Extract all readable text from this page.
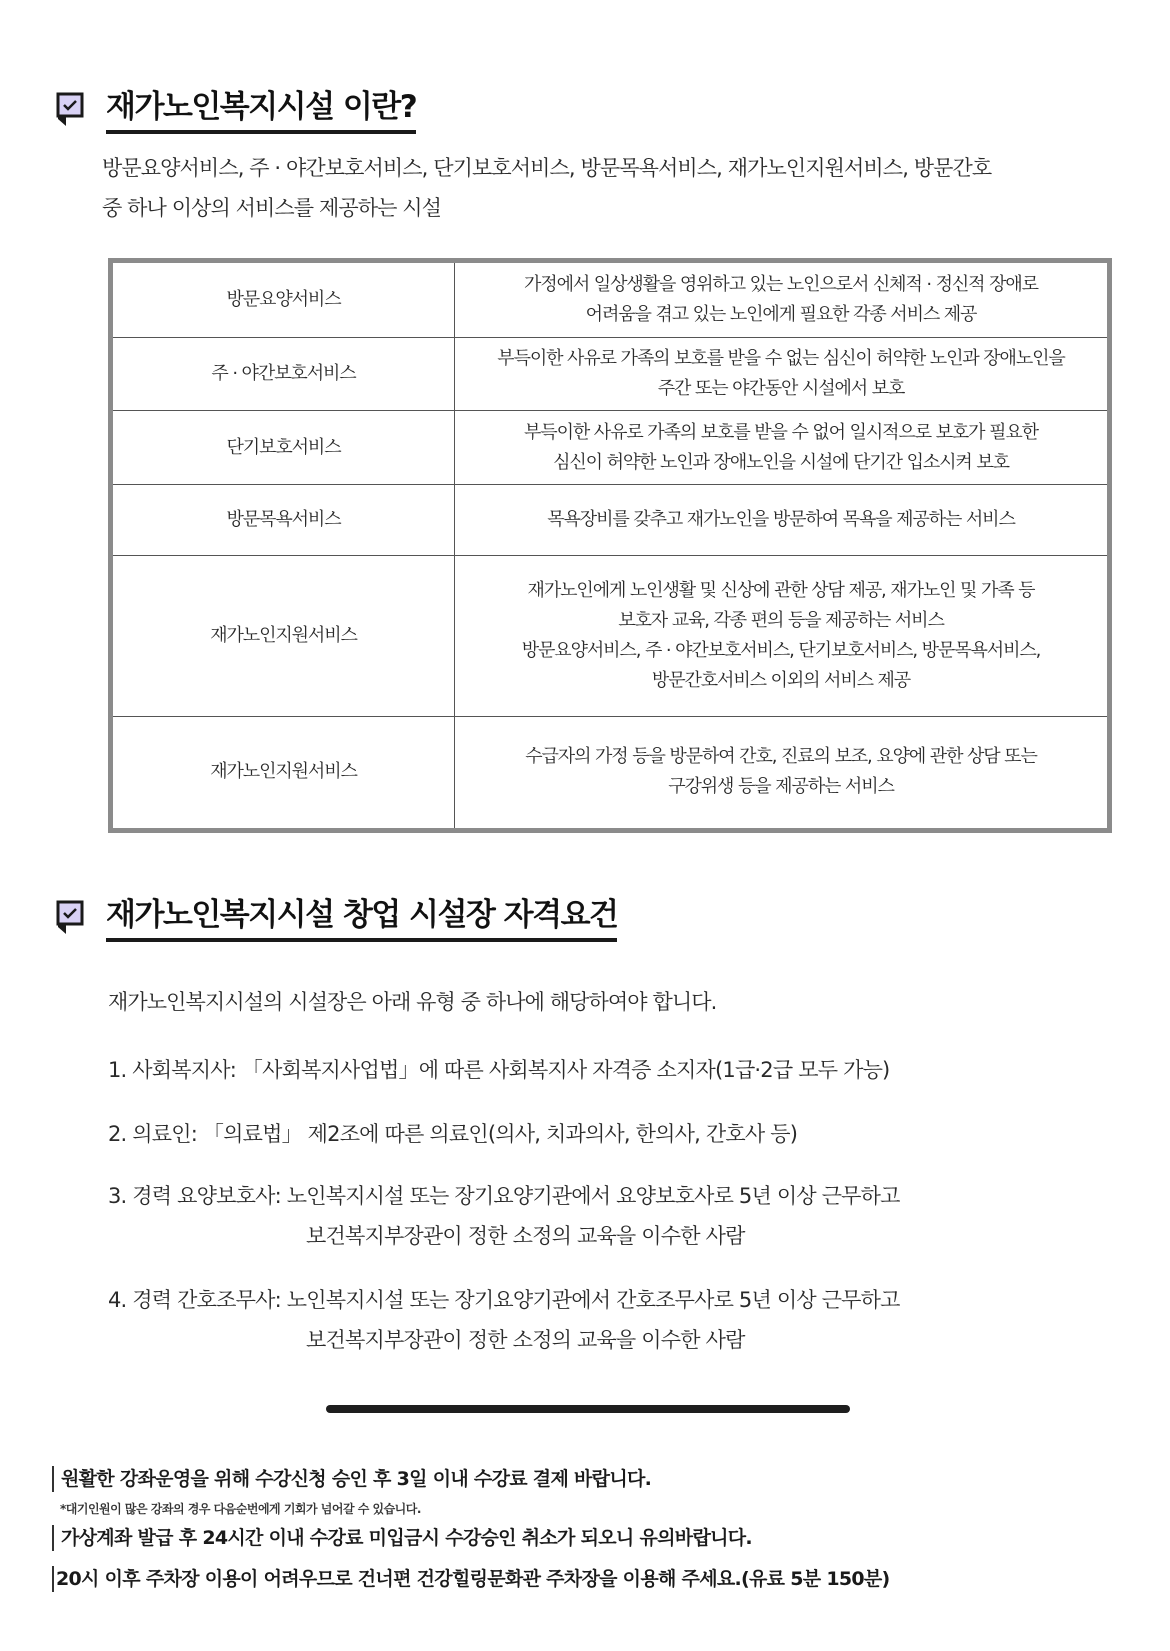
재가노인복지시설 이란?
방문요양서비스, 주 · 야간보호서비스, 단기보호서비스, 방문목욕서비스, 재가노인지원서비스, 방문간호
중 하나 이상의 서비스를 제공하는 시설
방문요양서비스	가정에서 일상생활을 영위하고 있는 노인으로서 신체적 · 정신적 장애로
어려움을 겪고 있는 노인에게 필요한 각종 서비스 제공

주 · 야간보호서비스	부득이한 사유로 가족의 보호를 받을 수 없는 심신이 허약한 노인과 장애노인을
주간 또는 야간동안 시설에서 보호

단기보호서비스	부득이한 사유로 가족의 보호를 받을 수 없어 일시적으로 보호가 필요한
심신이 허약한 노인과 장애노인을 시설에 단기간 입소시켜 보호

방문목욕서비스	목욕장비를 갖추고 재가노인을 방문하여 목욕을 제공하는 서비스

재가노인지원서비스	재가노인에게 노인생활 및 신상에 관한 상담 제공, 재가노인 및 가족 등
보호자 교육, 각종 편의 등을 제공하는 서비스
방문요양서비스, 주 · 야간보호서비스, 단기보호서비스, 방문목욕서비스,
방문간호서비스 이외의 서비스 제공

재가노인지원서비스	수급자의 가정 등을 방문하여 간호, 진료의 보조, 요양에 관한 상담 또는
구강위생 등을 제공하는 서비스
재가노인복지시설 창업 시설장 자격요건
재가노인복지시설의 시설장은 아래 유형 중 하나에 해당하여야 합니다.
1. 사회복지사: 「사회복지사업법」에 따른 사회복지사 자격증 소지자(1급·2급 모두 가능)
2. 의료인: 「의료법」 제2조에 따른 의료인(의사, 치과의사, 한의사, 간호사 등)
3. 경력 요양보호사: 노인복지시설 또는 장기요양기관에서 요양보호사로 5년 이상 근무하고
보건복지부장관이 정한 소정의 교육을 이수한 사람
4. 경력 간호조무사: 노인복지시설 또는 장기요양기관에서 간호조무사로 5년 이상 근무하고
보건복지부장관이 정한 소정의 교육을 이수한 사람
원활한 강좌운영을 위해 수강신청 승인 후 3일 이내 수강료 결제 바랍니다.
*대기인원이 많은 강좌의 경우 다음순번에게 기회가 넘어갈 수 있습니다.
가상계좌 발급 후 24시간 이내 수강료 미입금시 수강승인 취소가 되오니 유의바랍니다.
20시 이후 주차장 이용이 어려우므로 건너편 건강힐링문화관 주차장을 이용해 주세요.(유료 5분 150분)
